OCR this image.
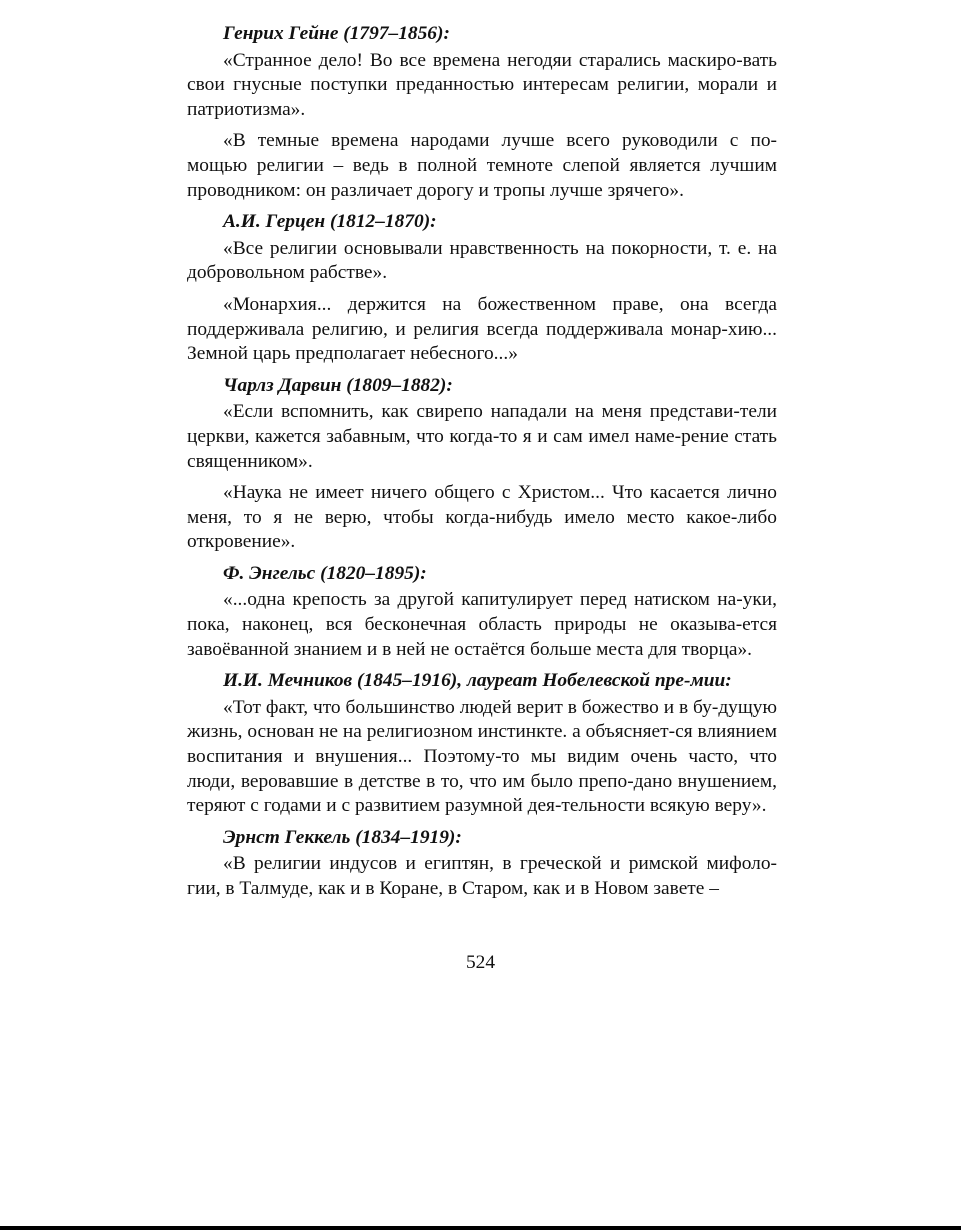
Генрих Гейне (1797–1856):

«Странное дело! Во все времена негодяи старались маскиро-вать свои гнусные поступки преданностью интересам религии, морали и патриотизма».

«В темные времена народами лучше всего руководили с по-мощью религии – ведь в полной темноте слепой является лучшим проводником: он различает дорогу и тропы лучше зрячего».

А.И. Герцен (1812–1870):

«Все религии основывали нравственность на покорности, т. е. на добровольном рабстве».

«Монархия... держится на божественном праве, она всегда поддерживала религию, и религия всегда поддерживала монар-хию... Земной царь предполагает небесного...»

Чарлз Дарвин (1809–1882):

«Если вспомнить, как свирепо нападали на меня представи-тели церкви, кажется забавным, что когда-то я и сам имел наме-рение стать священником».

«Наука не имеет ничего общего с Христом... Что касается лично меня, то я не верю, чтобы когда-нибудь имело место какое-либо откровение».

Ф. Энгельс (1820–1895):

«...одна крепость за другой капитулирует перед натиском на-уки, пока, наконец, вся бесконечная область природы не оказыва-ется завоёванной знанием и в ней не остаётся больше места для творца».

И.И. Мечников (1845–1916), лауреат Нобелевской пре-мии:

«Тот факт, что большинство людей верит в божество и в бу-дущую жизнь, основан не на религиозном инстинкте. а объясняет-ся влиянием воспитания и внушения... Поэтому-то мы видим очень часто, что люди, веровавшие в детстве в то, что им было препо-дано внушением, теряют с годами и с развитием разумной дея-тельности всякую веру».

Эрнст Геккель (1834–1919):

«В религии индусов и египтян, в греческой и римской мифоло-гии, в Талмуде, как и в Коране, в Старом, как и в Новом завете –

524
